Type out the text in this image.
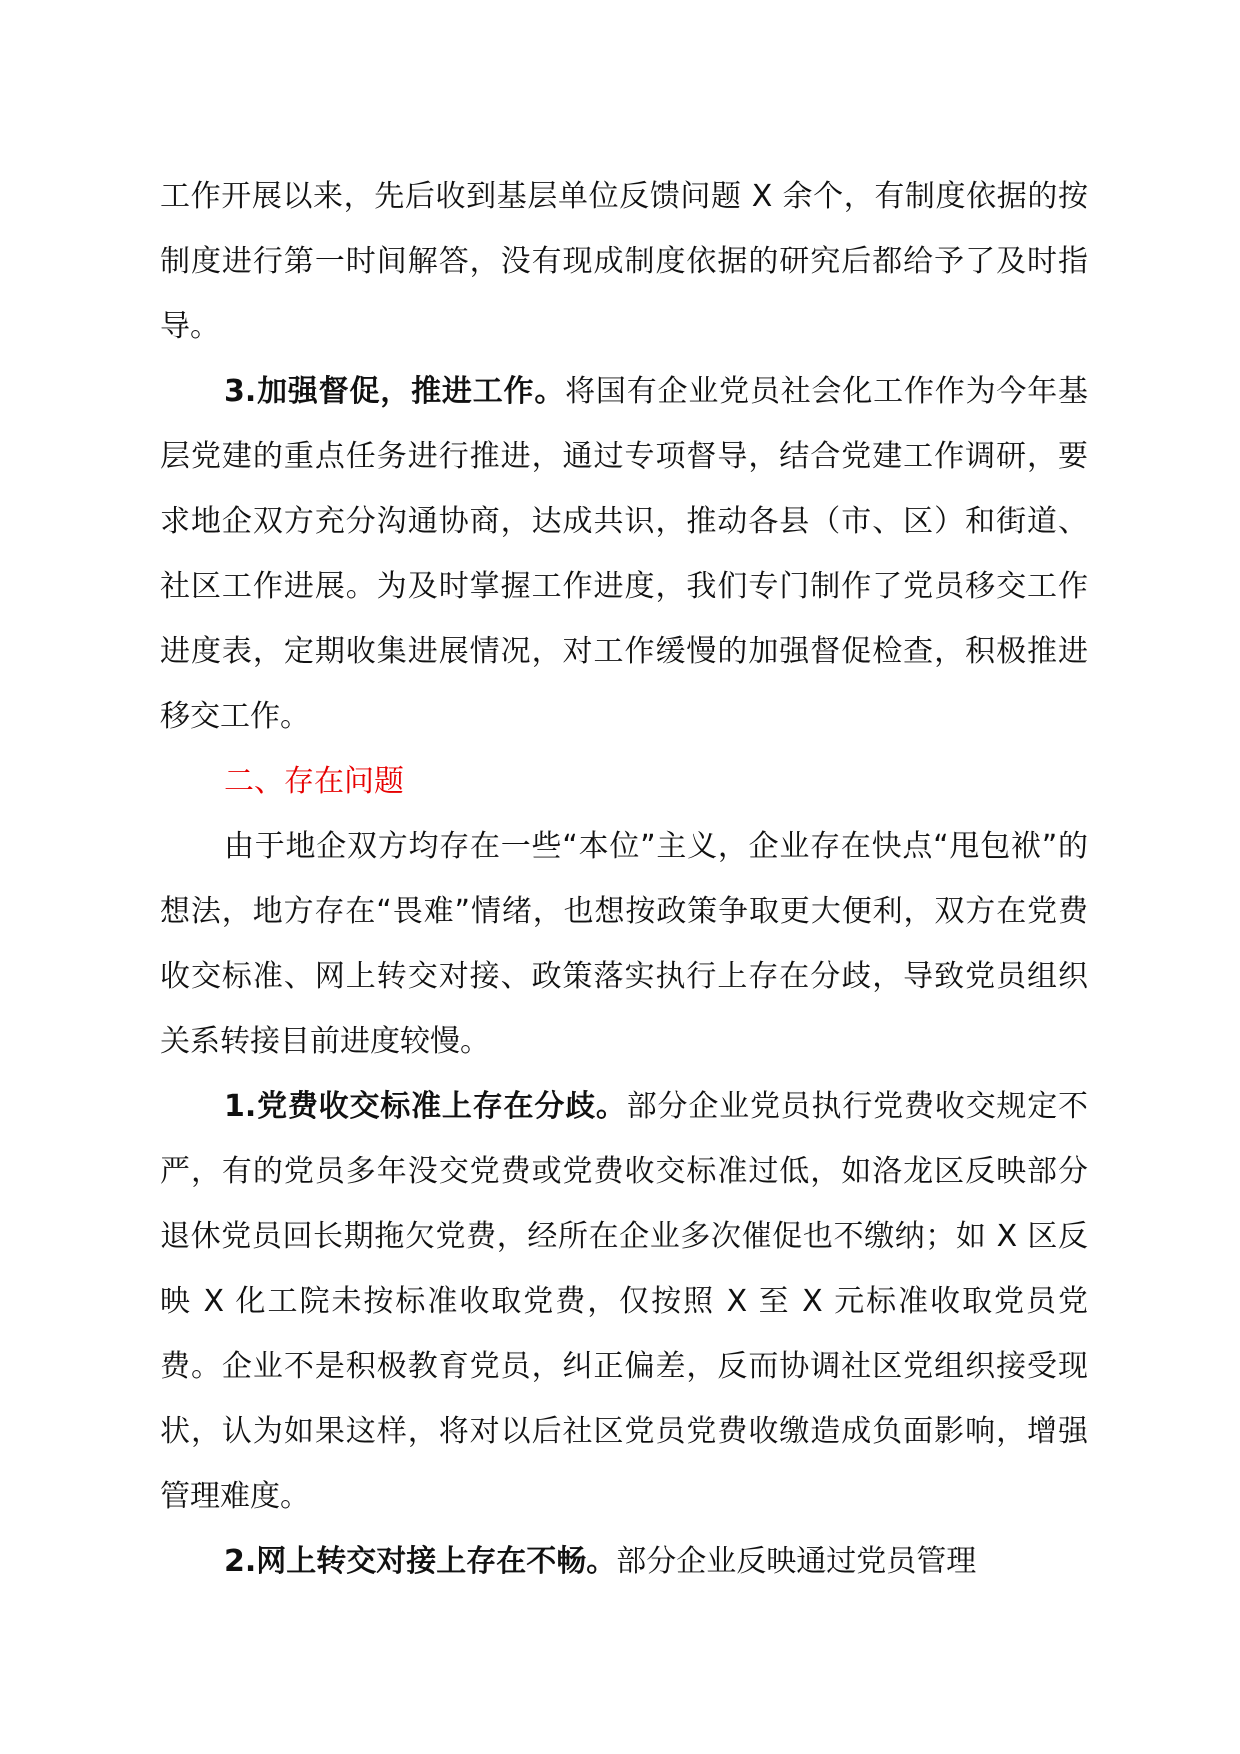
工作开展以来，先后收到基层单位反馈问题 X 余个，有制度依据的按制度进行第一时间解答，没有现成制度依据的研究后都给予了及时指导。

3.加强督促，推进工作。将国有企业党员社会化工作作为今年基层党建的重点任务进行推进，通过专项督导，结合党建工作调研，要求地企双方充分沟通协商，达成共识，推动各县（市、区）和街道、社区工作进展。为及时掌握工作进度，我们专门制作了党员移交工作进度表，定期收集进展情况，对工作缓慢的加强督促检查，积极推进移交工作。

二、存在问题

由于地企双方均存在一些“本位”主义，企业存在快点“甩包袱”的想法，地方存在“畏难”情绪，也想按政策争取更大便利，双方在党费收交标准、网上转交对接、政策落实执行上存在分歧，导致党员组织关系转接目前进度较慢。

1.党费收交标准上存在分歧。部分企业党员执行党费收交规定不严，有的党员多年没交党费或党费收交标准过低，如洛龙区反映部分退休党员回长期拖欠党费，经所在企业多次催促也不缴纳；如 X 区反映 X 化工院未按标准收取党费，仅按照 X 至 X 元标准收取党员党费。企业不是积极教育党员，纠正偏差，反而协调社区党组织接受现状，认为如果这样，将对以后社区党员党费收缴造成负面影响，增强管理难度。

2.网上转交对接上存在不畅。部分企业反映通过党员管理
